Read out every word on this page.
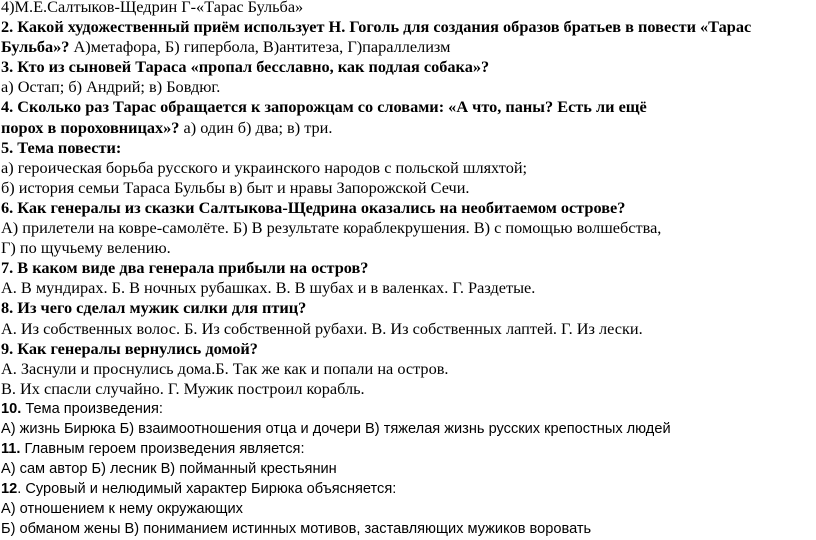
4)М.Е.Салтыков-Щедрин Г-«Тарас Бульба»
2. Какой художественный приём использует Н. Гоголь для создания образов братьев в повести «Тарас
Бульба»? А)метафора, Б) гипербола, В)антитеза, Г)параллелизм
3. Кто из сыновей Тараса «пропал бесславно, как подлая собака»?
а) Остап; б) Андрий; в) Бовдюг.
4. Сколько раз Тарас обращается к запорожцам со словами: «А что, паны? Есть ли ещё
порох в пороховницах»? а) один б) два; в) три.
5. Тема повести:
а) героическая борьба русского и украинского народов с польской шляхтой;
б) история семьи Тараса Бульбы в) быт и нравы Запорожской Сечи.
6. Как генералы из сказки Салтыкова-Щедрина оказались на необитаемом острове?
А) прилетели на ковре-самолёте. Б) В результате кораблекрушения. В) с помощью волшебства,
Г) по щучьему велению.
7. В каком виде два генерала прибыли на остров?
А. В мундирах. Б. В ночных рубашках. В. В шубах и в валенках. Г. Раздетые.
8. Из чего сделал мужик силки для птиц?
А. Из собственных волос. Б. Из собственной рубахи. В. Из собственных лаптей. Г. Из лески.
9. Как генералы вернулись домой?
А. Заснули и проснулись дома.Б. Так же как и попали на остров.
В. Их спасли случайно. Г. Мужик построил корабль.
10. Тема произведения:
А) жизнь Бирюка Б) взаимоотношения отца и дочери В) тяжелая жизнь русских крепостных людей
11. Главным героем произведения является:
А) сам автор Б) лесник В) пойманный крестьянин
12. Суровый и нелюдимый характер Бирюка объясняется:
А) отношением к нему окружающих
Б) обманом жены В) пониманием истинных мотивов, заставляющих мужиков воровать
